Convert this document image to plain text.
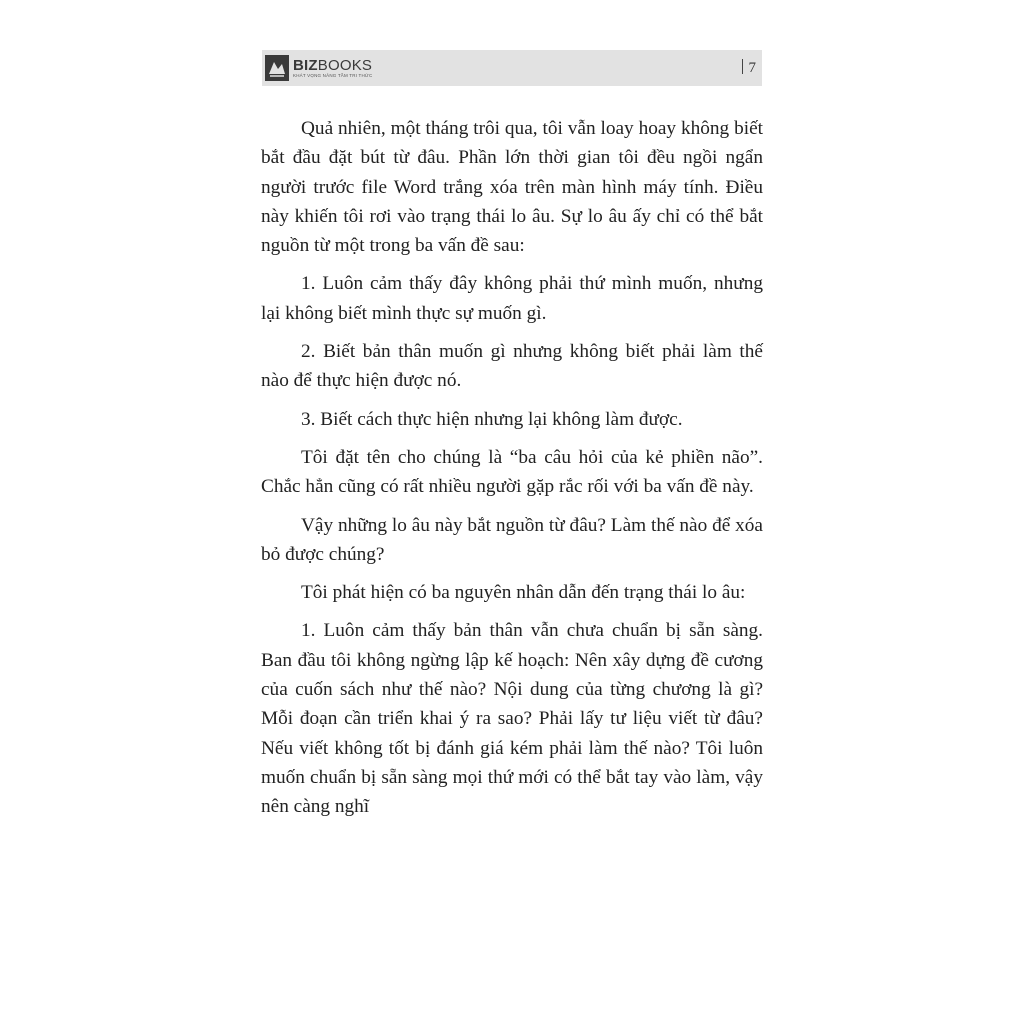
BIZBOOKS
KHÁT VỌNG NÂNG TẦM TRI THỨC	7

Quả nhiên, một tháng trôi qua, tôi vẫn loay hoay không biết bắt đầu đặt bút từ đâu. Phần lớn thời gian tôi đều ngồi ngẩn người trước file Word trắng xóa trên màn hình máy tính. Điều này khiến tôi rơi vào trạng thái lo âu. Sự lo âu ấy chỉ có thể bắt nguồn từ một trong ba vấn đề sau:

1. Luôn cảm thấy đây không phải thứ mình muốn, nhưng lại không biết mình thực sự muốn gì.

2. Biết bản thân muốn gì nhưng không biết phải làm thế nào để thực hiện được nó.

3. Biết cách thực hiện nhưng lại không làm được.

Tôi đặt tên cho chúng là “ba câu hỏi của kẻ phiền não”. Chắc hẳn cũng có rất nhiều người gặp rắc rối với ba vấn đề này.

Vậy những lo âu này bắt nguồn từ đâu? Làm thế nào để xóa bỏ được chúng?

Tôi phát hiện có ba nguyên nhân dẫn đến trạng thái lo âu:

1. Luôn cảm thấy bản thân vẫn chưa chuẩn bị sẵn sàng. Ban đầu tôi không ngừng lập kế hoạch: Nên xây dựng đề cương của cuốn sách như thế nào? Nội dung của từng chương là gì? Mỗi đoạn cần triển khai ý ra sao? Phải lấy tư liệu viết từ đâu? Nếu viết không tốt bị đánh giá kém phải làm thế nào? Tôi luôn muốn chuẩn bị sẵn sàng mọi thứ mới có thể bắt tay vào làm, vậy nên càng nghĩ
